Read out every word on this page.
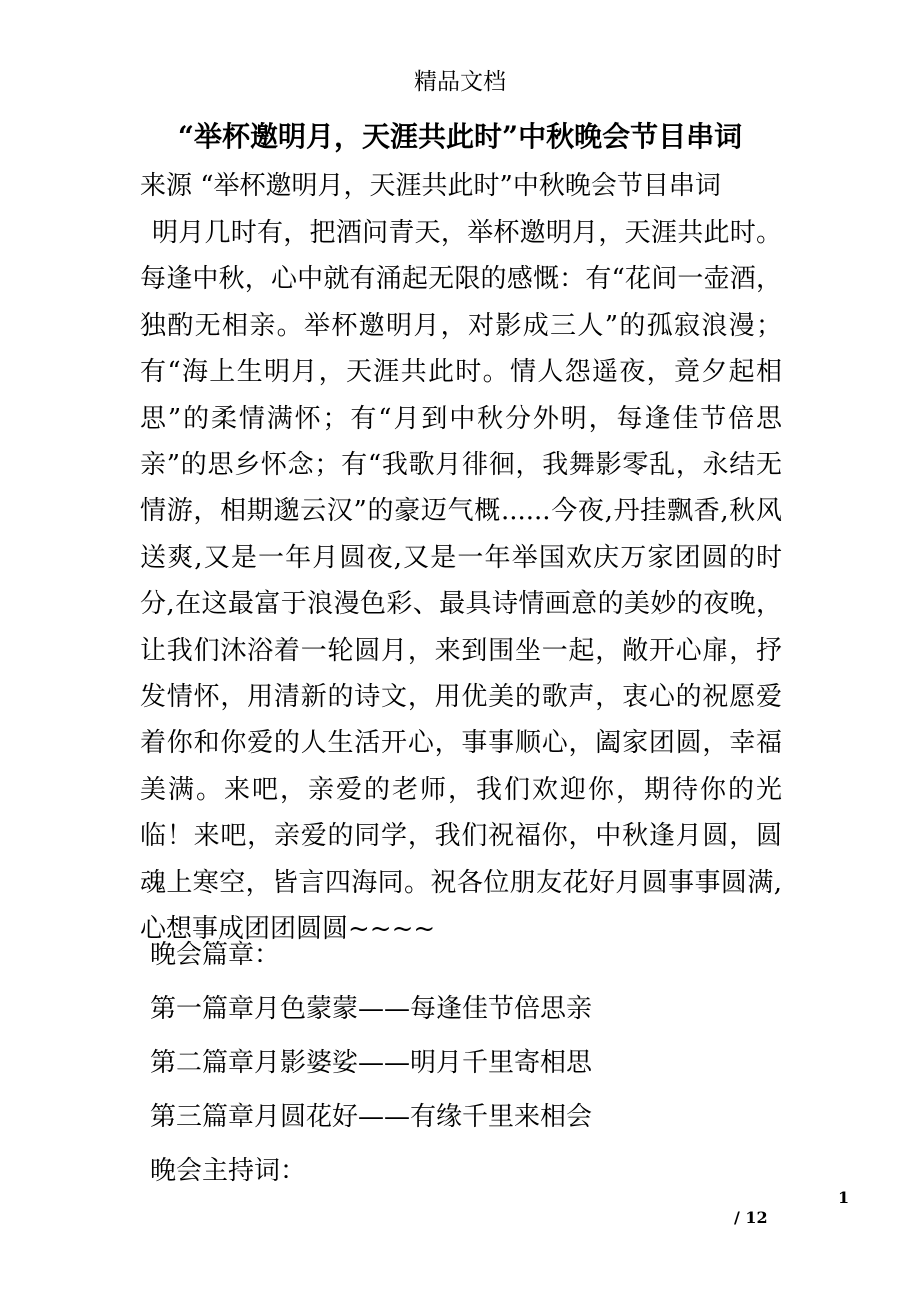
精品文档
“举杯邀明月，天涯共此时”中秋晚会节目串词
来源 “举杯邀明月，天涯共此时”中秋晚会节目串词
明月几时有，把酒问青天，举杯邀明月，天涯共此时。每逢中秋，心中就有涌起无限的感慨：有“花间一壶酒，独酌无相亲。举杯邀明月，对影成三人”的孤寂浪漫；有“海上生明月，天涯共此时。情人怨遥夜，竟夕起相思”的柔情满怀；有“月到中秋分外明，每逢佳节倍思亲”的思乡怀念；有“我歌月徘徊，我舞影零乱，永结无情游，相期邈云汉”的豪迈气概......今夜,丹挂飘香,秋风送爽,又是一年月圆夜,又是一年举国欢庆万家团圆的时分,在这最富于浪漫色彩、最具诗情画意的美妙的夜晚，让我们沐浴着一轮圆月，来到围坐一起，敞开心扉，抒发情怀，用清新的诗文，用优美的歌声，衷心的祝愿爱着你和你爱的人生活开心，事事顺心，阖家团圆，幸福美满。来吧，亲爱的老师，我们欢迎你，期待你的光临！来吧，亲爱的同学，我们祝福你，中秋逢月圆，圆魂上寒空，皆言四海同。祝各位朋友花好月圆事事圆满,心想事成团团圆圆~~~~
晚会篇章：
第一篇章月色蒙蒙——每逢佳节倍思亲
第二篇章月影婆娑——明月千里寄相思
第三篇章月圆花好——有缘千里来相会
晚会主持词：
1
/ 12
